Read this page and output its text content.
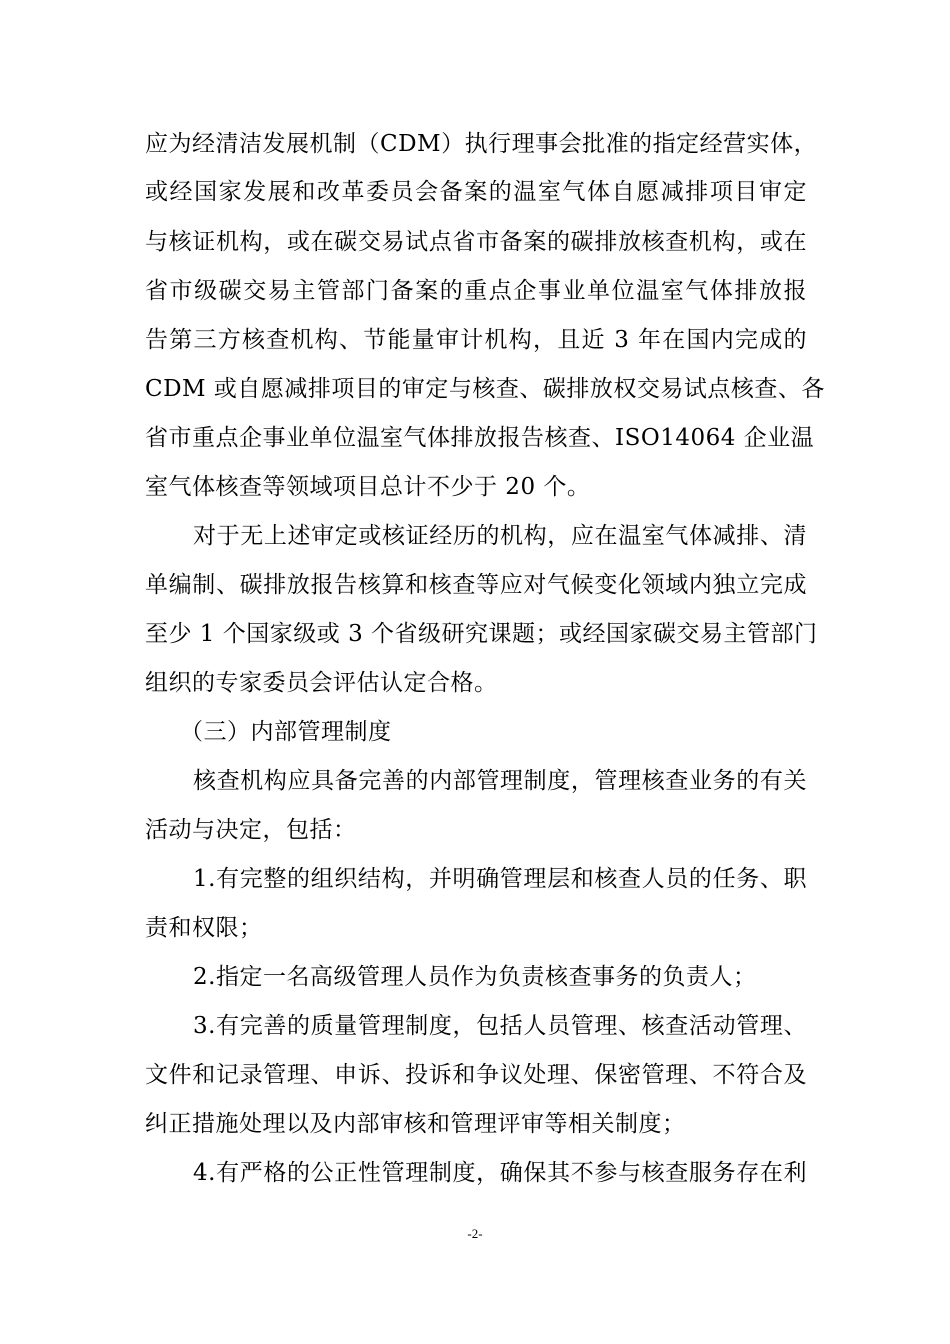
应为经清洁发展机制（CDM）执行理事会批准的指定经营实体，
或经国家发展和改革委员会备案的温室气体自愿减排项目审定
与核证机构，或在碳交易试点省市备案的碳排放核查机构，或在
省市级碳交易主管部门备案的重点企事业单位温室气体排放报
告第三方核查机构、节能量审计机构，且近 3 年在国内完成的
CDM 或自愿减排项目的审定与核查、碳排放权交易试点核查、各
省市重点企事业单位温室气体排放报告核查、ISO14064 企业温
室气体核查等领域项目总计不少于 20 个。
对于无上述审定或核证经历的机构，应在温室气体减排、清
单编制、碳排放报告核算和核查等应对气候变化领域内独立完成
至少 1 个国家级或 3 个省级研究课题；或经国家碳交易主管部门
组织的专家委员会评估认定合格。
（三）内部管理制度
核查机构应具备完善的内部管理制度，管理核查业务的有关
活动与决定，包括：
1.有完整的组织结构，并明确管理层和核查人员的任务、职
责和权限；
2.指定一名高级管理人员作为负责核查事务的负责人；
3.有完善的质量管理制度，包括人员管理、核查活动管理、
文件和记录管理、申诉、投诉和争议处理、保密管理、不符合及
纠正措施处理以及内部审核和管理评审等相关制度；
4.有严格的公正性管理制度，确保其不参与核查服务存在利
-2-
